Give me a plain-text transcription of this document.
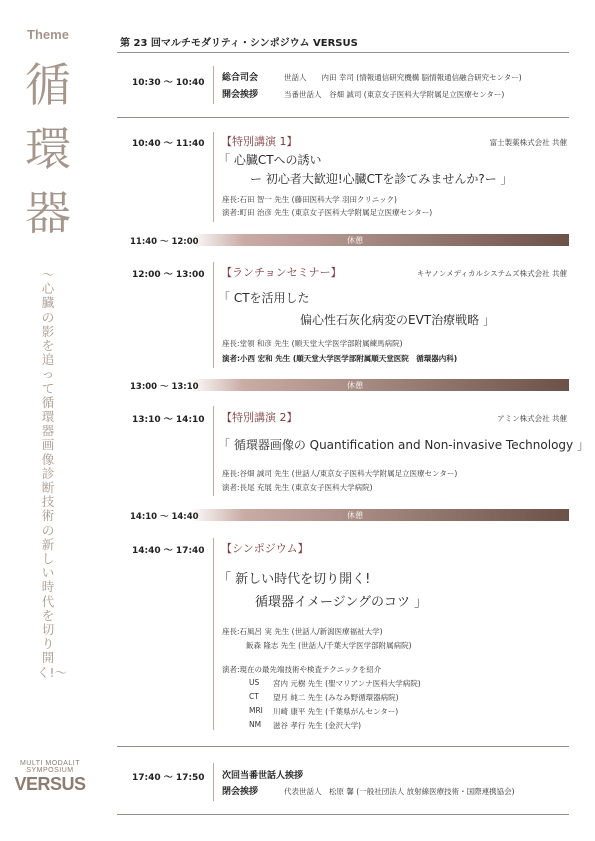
Theme
循
環
器
〜心臓の影を追って　循環器画像診断技術の新しい時代を切り開く!〜
MULTI MODALIT
SYMPOSIUM
VERSUS
第 23 回マルチモダリティ・シンポジウム VERSUS
10:30 〜 10:40 総合司会	世話人　　内田 幸司 (情報通信研究機構 脳情報通信融合研究センター)
開会挨拶	当番世話人　谷畑 誠司 (東京女子医科大学附属足立医療センター)
10:40 〜 11:40 【特別講演 1】	富士製薬株式会社 共催
「 心臓CTへの誘い
ー 初心者大歓迎!心臓CTを診てみませんか?ー 」
座長:石田 智一 先生 (藤田医科大学 羽田クリニック)
演者:町田 治彦 先生 (東京女子医科大学附属足立医療センター)
11:40 〜 12:00	休憩
12:00 〜 13:00 【ランチョンセミナー】	キヤノンメディカルシステムズ株式会社 共催
「 CTを活用した
偏心性石灰化病変のEVT治療戦略 」
座長:堂領 和彦 先生 (順天堂大学医学部附属練馬病院)
演者:小西 宏和 先生 (順天堂大学医学部附属順天堂医院　循環器内科)
13:00 〜 13:10	休憩
13:10 〜 14:10 【特別講演 2】	アミン株式会社 共催
「 循環器画像の Quantification and Non-invasive Technology 」
座長:谷畑 誠司 先生 (世話人/東京女子医科大学附属足立医療センター)
演者:長尾 充展 先生 (東京女子医科大学病院)
14:10 〜 14:40	休憩
14:40 〜 17:40 【シンポジウム】
「 新しい時代を切り開く!
循環器イメージングのコツ 」
座長:石風呂 実 先生 (世話人/新潟医療福祉大学)
飯森 隆志 先生 (世話人/千葉大学医学部附属病院)
演者:現在の最先端技術や検査テクニックを紹介
US 宮内 元樹 先生 (聖マリアンナ医科大学病院)
CT 望月 純二 先生 (みなみ野循環器病院)
MRI 川崎 康平 先生 (千葉県がんセンター)
NM 滋谷 孝行 先生 (金沢大学)
17:40 〜 17:50 次回当番世話人挨拶
閉会挨拶	代表世話人　松原 馨 (一般社団法人 放射線医療技術・国際連携協会)
